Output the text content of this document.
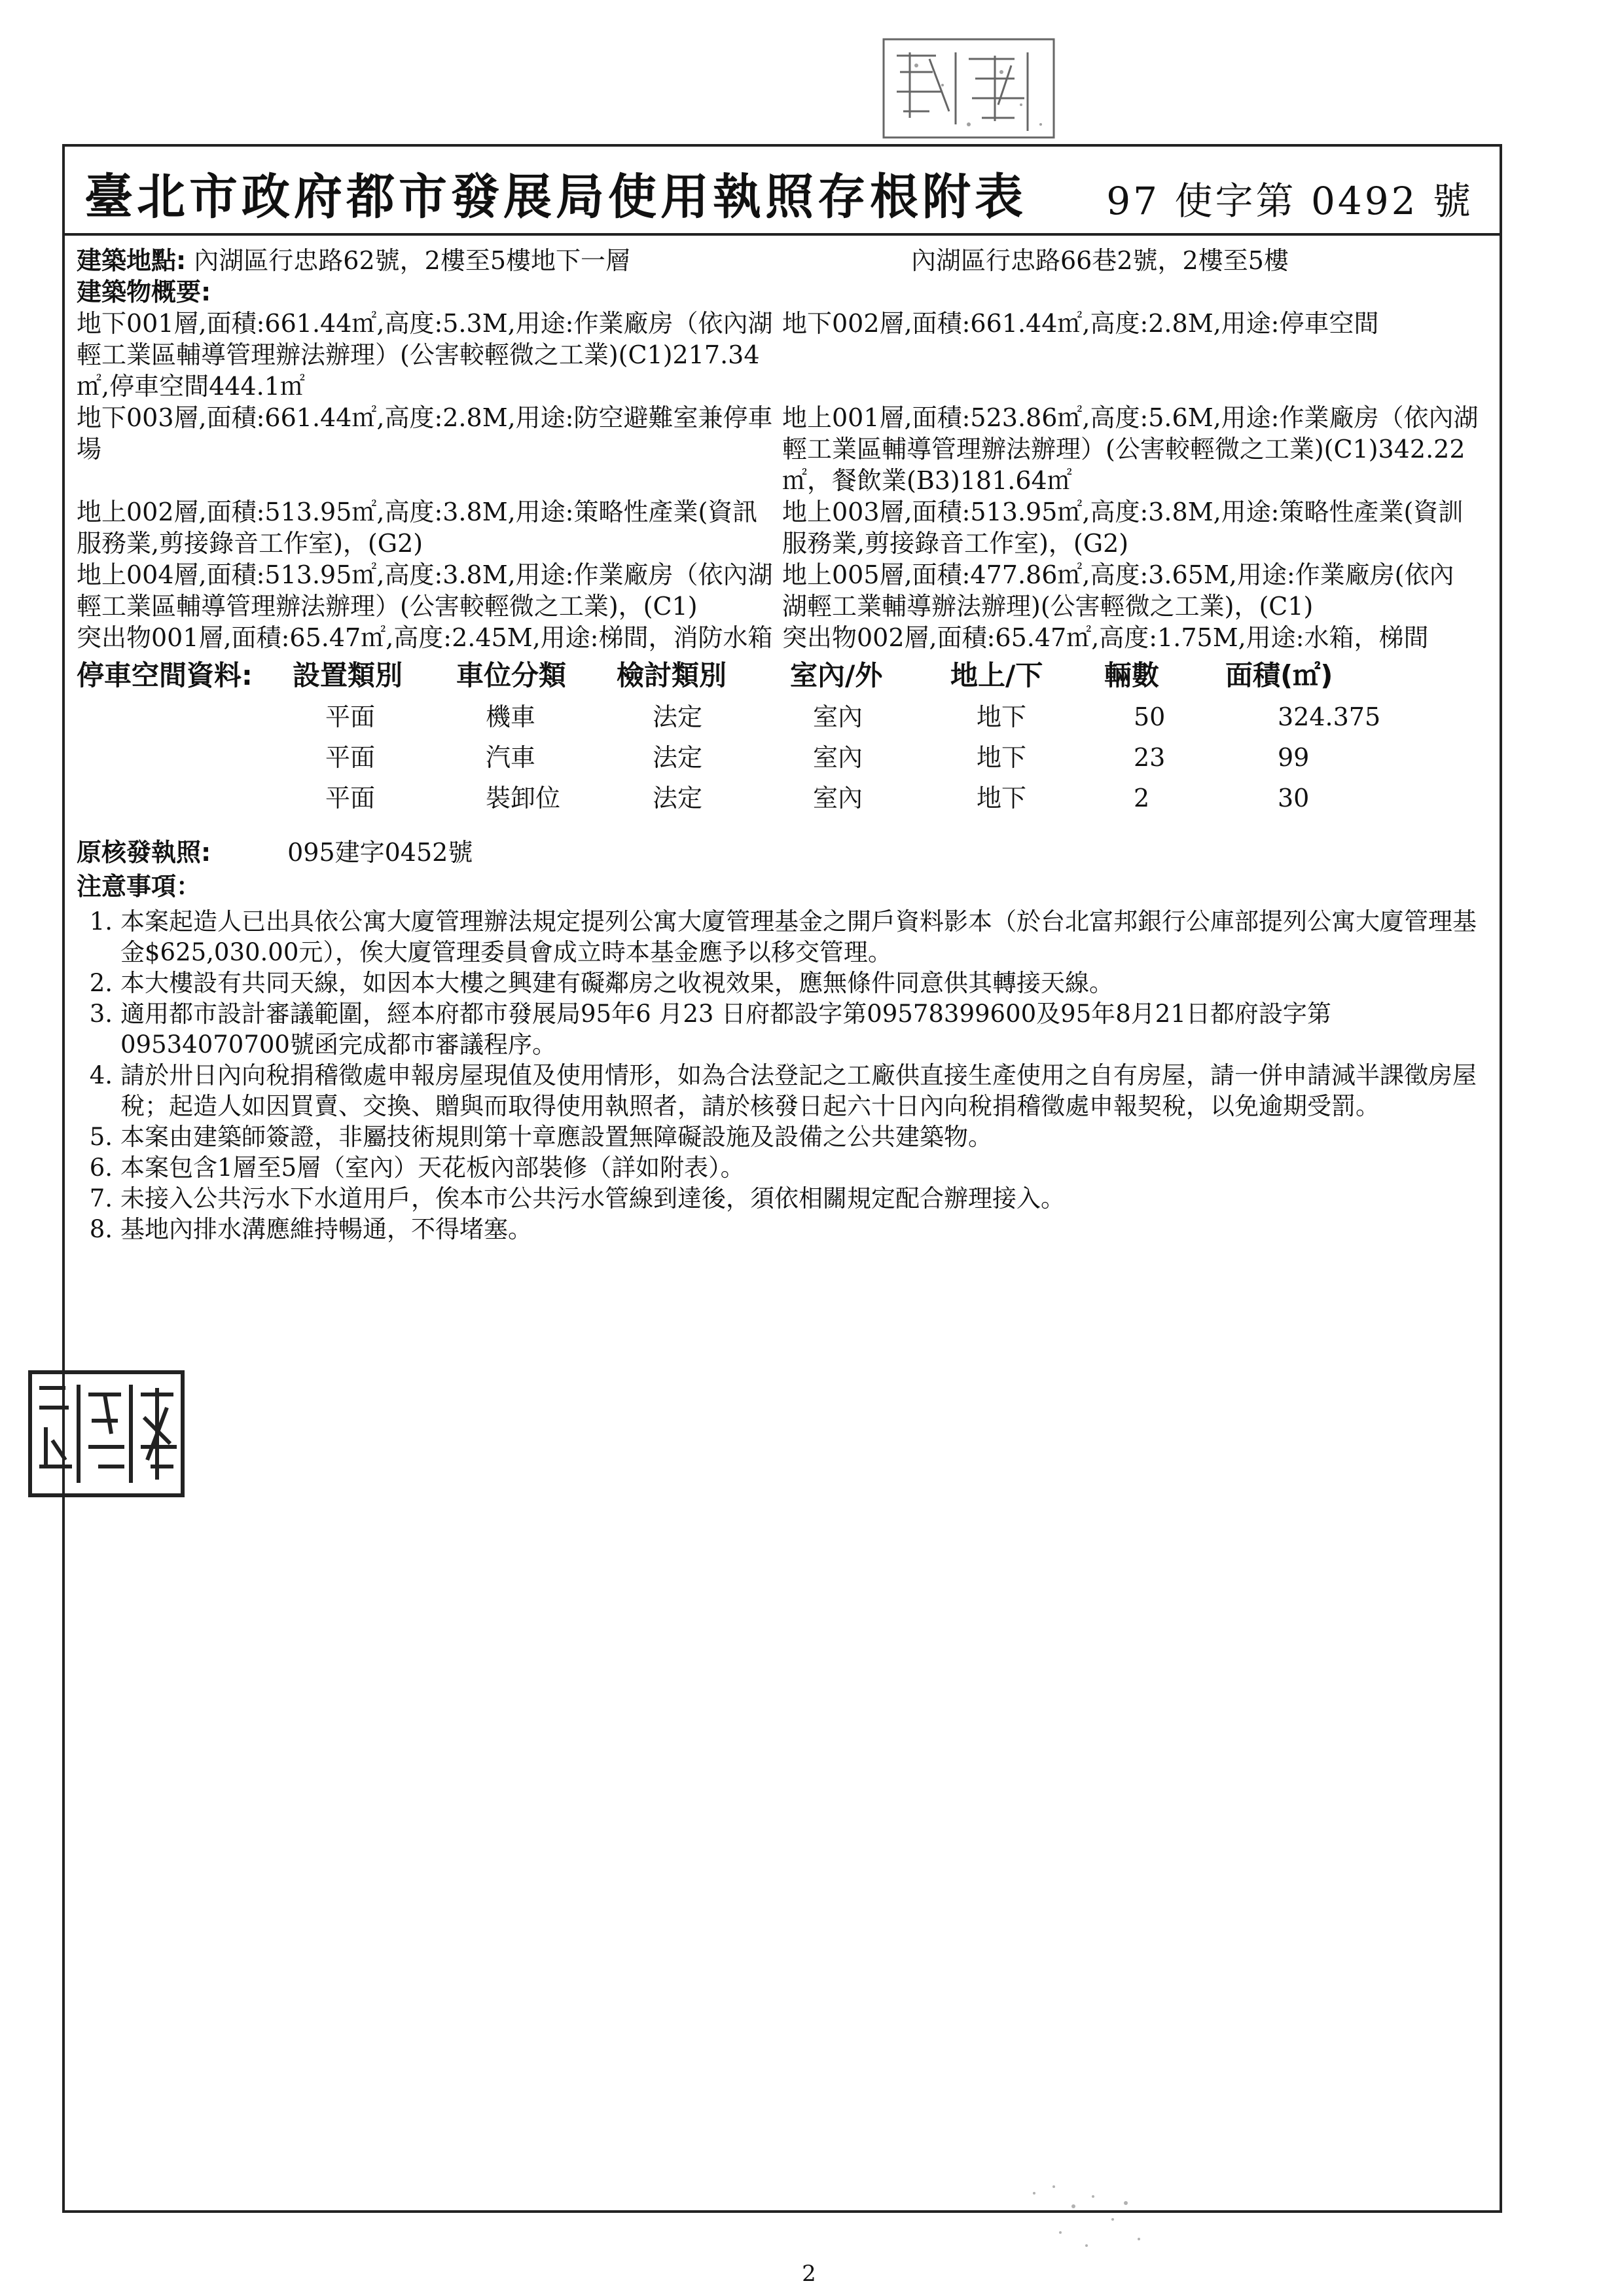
臺北市政府都市發展局使用執照存根附表 97 使字第 0492 號
建築地點: 內湖區行忠路62號，2樓至5樓地下一層	內湖區行忠路66巷2號，2樓至5樓
建築物概要:
地下001層,面積:661.44㎡,高度:5.3M,用途:作業廠房（依內湖輕工業區輔導管理辦法辦理）(公害較輕微之工業)(C1)217.34㎡,停車空間444.1㎡
地下002層,面積:661.44㎡,高度:2.8M,用途:停車空間
地下003層,面積:661.44㎡,高度:2.8M,用途:防空避難室兼停車場
地上001層,面積:523.86㎡,高度:5.6M,用途:作業廠房（依內湖輕工業區輔導管理辦法辦理）(公害較輕微之工業)(C1)342.22㎡，餐飲業(B3)181.64㎡
地上002層,面積:513.95㎡,高度:3.8M,用途:策略性產業(資訊服務業,剪接錄音工作室)，(G2)
地上003層,面積:513.95㎡,高度:3.8M,用途:策略性產業(資訓服務業,剪接錄音工作室)，(G2)
地上004層,面積:513.95㎡,高度:3.8M,用途:作業廠房（依內湖輕工業區輔導管理辦法辦理）(公害較輕微之工業)，(C1)
地上005層,面積:477.86㎡,高度:3.65M,用途:作業廠房(依內湖輕工業輔導辦法辦理)(公害輕微之工業)，(C1)
突出物001層,面積:65.47㎡,高度:2.45M,用途:梯間，消防水箱 突出物002層,面積:65.47㎡,高度:1.75M,用途:水箱，梯間
停車空間資料:	設置類別	車位分類	檢討類別	室內/外	地上/下	輛數	面積(㎡)
平面	機車	法定	室內	地下	50	324.375
平面	汽車	法定	室內	地下	23	99
平面	裝卸位	法定	室內	地下	2	30
原核發執照:	095建字0452號
注意事項：
1. 本案起造人已出具依公寓大廈管理辦法規定提列公寓大廈管理基金之開戶資料影本（於台北富邦銀行公庫部提列公寓大廈管理基金$625,030.00元），俟大廈管理委員會成立時本基金應予以移交管理。
2. 本大樓設有共同天線，如因本大樓之興建有礙鄰房之收視效果，應無條件同意供其轉接天線。
3. 適用都市設計審議範圍，經本府都市發展局95年6 月23 日府都設字第09578399600及95年8月21日都府設字第09534070700號函完成都市審議程序。
4. 請於卅日內向稅捐稽徵處申報房屋現值及使用情形，如為合法登記之工廠供直接生產使用之自有房屋，請一併申請減半課徵房屋稅；起造人如因買賣、交換、贈與而取得使用執照者，請於核發日起六十日內向稅捐稽徵處申報契稅，以免逾期受罰。
5. 本案由建築師簽證，非屬技術規則第十章應設置無障礙設施及設備之公共建築物。
6. 本案包含1層至5層（室內）天花板內部裝修（詳如附表）。
7. 未接入公共污水下水道用戶，俟本市公共污水管線到達後，須依相關規定配合辦理接入。
8. 基地內排水溝應維持暢通，不得堵塞。
2
